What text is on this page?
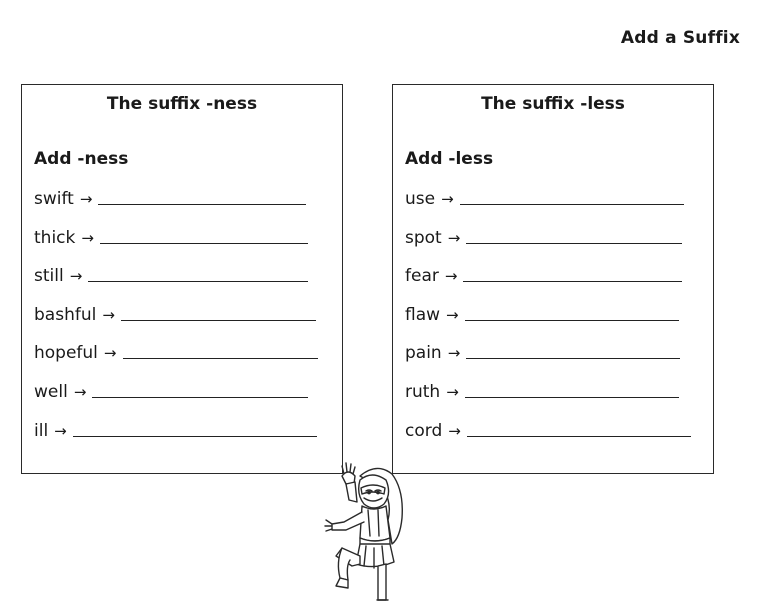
Add a Suffix
The suffix -ness
Add -ness
swift →
thick →
still →
bashful →
hopeful →
well →
ill →
The suffix -less
Add -less
use →
spot →
fear →
flaw →
pain →
ruth →
cord →
